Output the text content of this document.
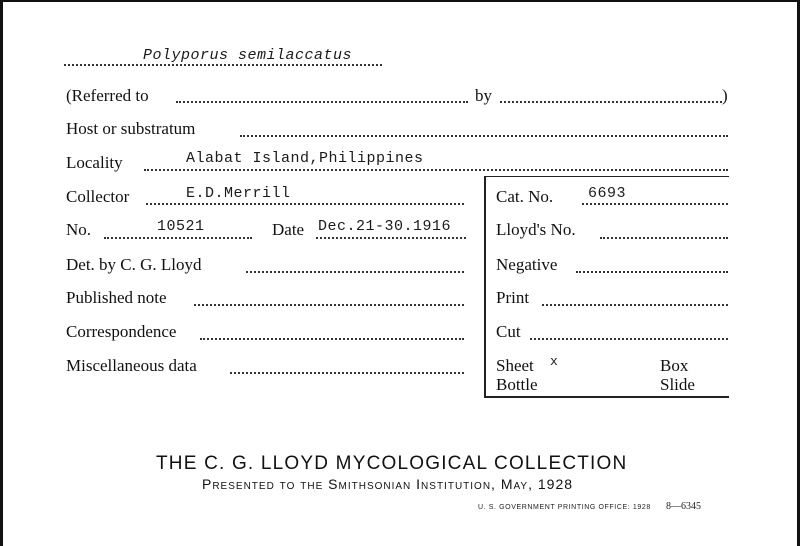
Polyporus semilaccatus
(Referred to	by	)
Host or substratum
Locality	Alabat Island,Philippines
Collector	E.D.Merrill
No.	10521	Date Dec.21-30.1916
Det. by C. G. Lloyd
Published note
Correspondence
Miscellaneous data
Cat. No. 6693
Lloyd's No.
Negative
Print
Cut
Sheet x	Box
Bottle	Slide
THE C. G. LLOYD MYCOLOGICAL COLLECTION
Presented to the Smithsonian Institution, May, 1928
U. S. GOVERNMENT PRINTING OFFICE: 1928 8—6345
